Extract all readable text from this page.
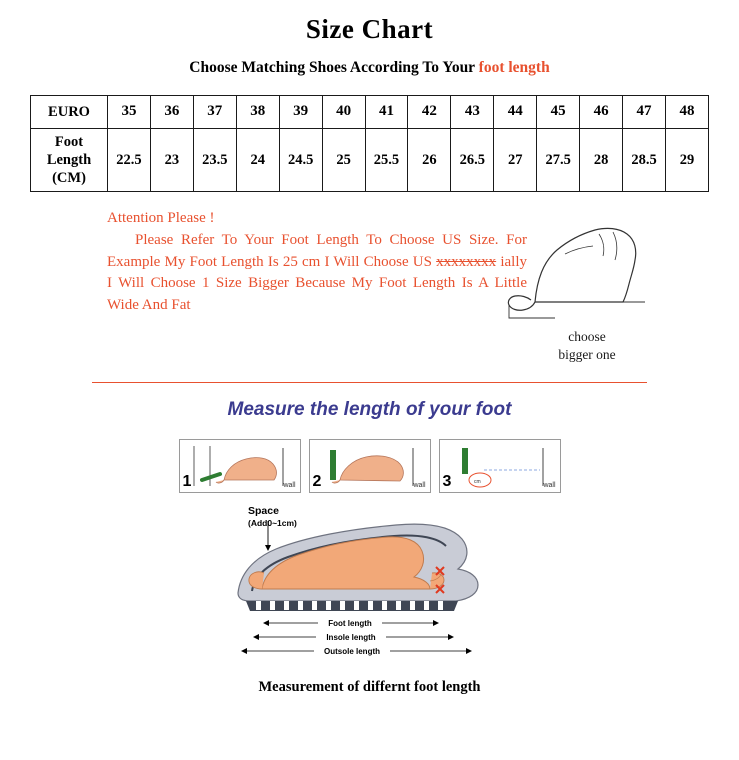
Size Chart
Choose Matching Shoes According To Your foot length
EURO	35	36	37	38	39	40	41	42	43	44	45	46	47	48

Foot
Length
(CM)	22.5	23	23.5	24	24.5	25	25.5	26	26.5	27	27.5	28	28.5	29
Attention Please !
Please Refer To Your Foot Length To Choose US Size. For Example My Foot Length Is 25 cm I Will Choose US xxxxxxxx ially I Will Choose 1 Size Bigger Because My Foot Length Is A Little Wide And Fat
choose
bigger one
Measure the length of your foot
1	wall 2	wall	cm
3	wall
Space
(Add0~1cm)
Foot length
Insole length
Outsole length
Measurement of differnt foot length
